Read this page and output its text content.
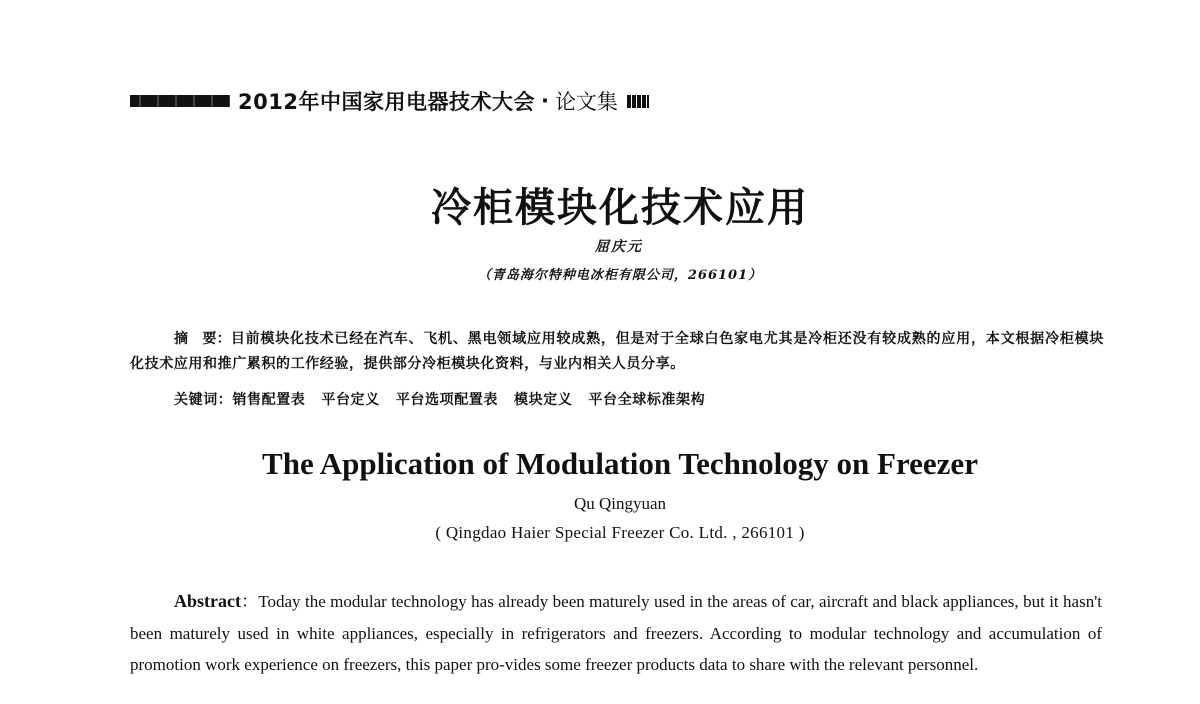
2012年中国家用电器技术大会 · 论文集
冷柜模块化技术应用
屈庆元
（青岛海尔特种电冰柜有限公司，266101）
摘　要：目前模块化技术已经在汽车、飞机、黑电领域应用较成熟，但是对于全球白色家电尤其是冷柜还没有较成熟的应用，本文根据冷柜模块化技术应用和推广累积的工作经验，提供部分冷柜模块化资料，与业内相关人员分享。
关键词：销售配置表 平台定义 平台选项配置表 模块定义 平台全球标准架构
The Application of Modulation Technology on Freezer
Qu Qingyuan
( Qingdao Haier Special Freezer Co. Ltd. , 266101 )
Abstract：Today the modular technology has already been maturely used in the areas of car, aircraft and black appliances, but it hasn't been maturely used in white appliances, especially in refrigerators and freezers. According to modular technology and accumulation of promotion work experience on freezers, this paper pro-vides some freezer products data to share with the relevant personnel.
